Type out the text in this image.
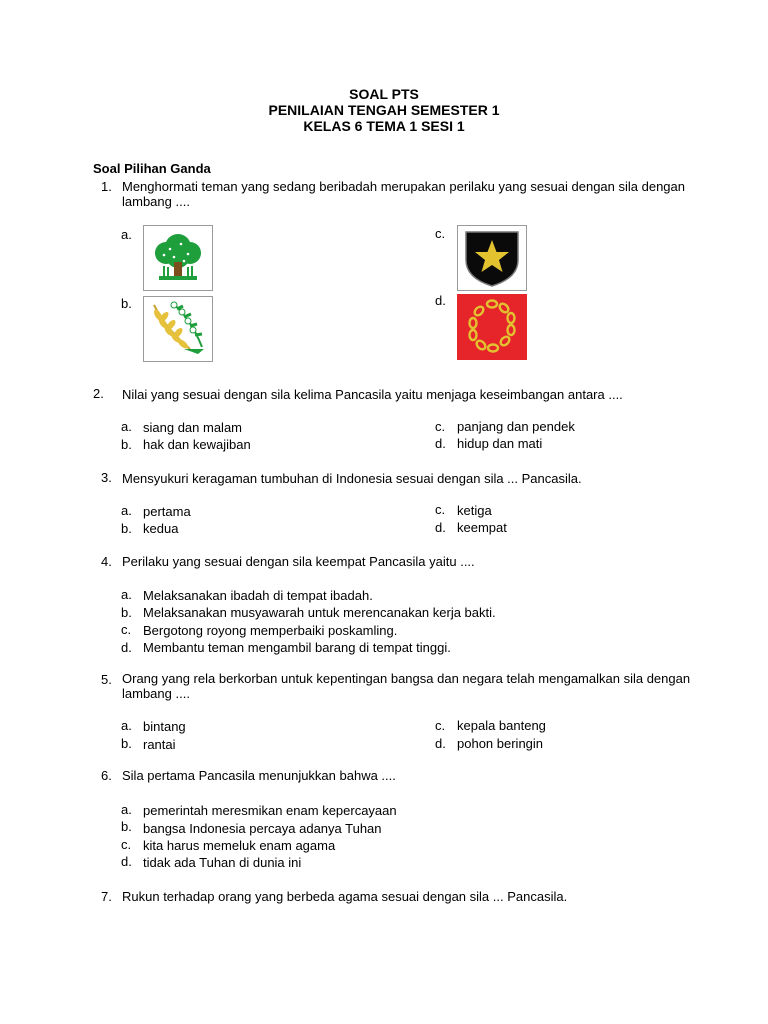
SOAL PTS
PENILAIAN TENGAH SEMESTER 1
KELAS 6 TEMA 1 SESI 1
Soal Pilihan Ganda
1. Menghormati teman yang sedang beribadah merupakan perilaku yang sesuai dengan sila dengan
lambang ....
a.
b.
c.
d.
2. Nilai yang sesuai dengan sila kelima Pancasila yaitu menjaga keseimbangan antara ....
a. siang dan malam
b. hak dan kewajiban
c. panjang dan pendek
d. hidup dan mati
3. Mensyukuri keragaman tumbuhan di Indonesia sesuai dengan sila ... Pancasila.
a. pertama
b. kedua
c. ketiga
d. keempat
4. Perilaku yang sesuai dengan sila keempat Pancasila yaitu ....
a. Melaksanakan ibadah di tempat ibadah.
b. Melaksanakan musyawarah untuk merencanakan kerja bakti.
c. Bergotong royong memperbaiki poskamling.
d. Membantu teman mengambil barang di tempat tinggi.
5. Orang yang rela berkorban untuk kepentingan bangsa dan negara telah mengamalkan sila dengan
lambang ....
a. bintang
b. rantai
c. kepala banteng
d. pohon beringin
6. Sila pertama Pancasila menunjukkan bahwa ....
a. pemerintah meresmikan enam kepercayaan
b. bangsa Indonesia percaya adanya Tuhan
c. kita harus memeluk enam agama
d. tidak ada Tuhan di dunia ini
7. Rukun terhadap orang yang berbeda agama sesuai dengan sila ... Pancasila.
